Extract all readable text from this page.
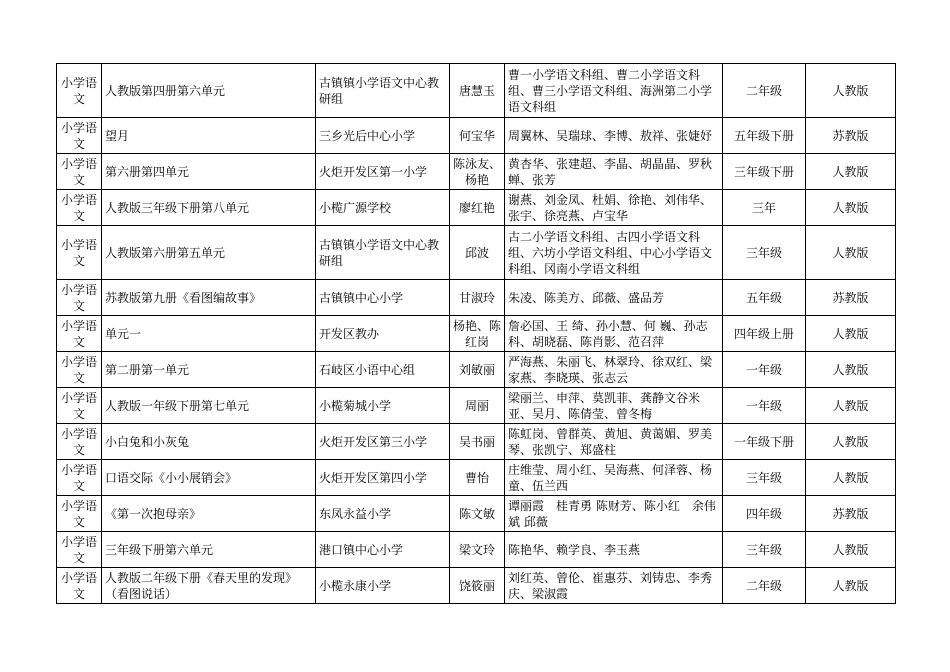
小学语文	人教版第四册第六单元	古镇镇小学语文中心教研组	唐慧玉	曹一小学语文科组、曹二小学语文科组、曹三小学语文科组、海洲第二小学语文科组	二年级	人教版
小学语文	望月	三乡光后中心小学	何宝华	周翼林、吴瑞球、李博、敖祥、张婕妤	五年级下册	苏教版
小学语文	第六册第四单元	火炬开发区第一小学	陈泳友、杨艳	黄杏华、张建超、李晶、胡晶晶、罗秋蝉、张芳	三年级下册	人教版
小学语文	人教版三年级下册第八单元	小榄广源学校	廖红艳	谢燕、刘金凤、杜娟、徐艳、刘伟华、张宇、徐亮燕、卢宝华	三年	人教版
小学语文	人教版第六册第五单元	古镇镇小学语文中心教研组	邱波	古二小学语文科组、古四小学语文科组、六坊小学语文科组、中心小学语文科组、冈南小学语文科组	三年级	人教版
小学语文	苏教版第九册《看图编故事》	古镇镇中心小学	甘淑玲	朱凌、陈美方、邱薇、盛品芳	五年级	苏教版
小学语文	单元一	开发区教办	杨艳、陈红岗	詹必国、王 绮、孙小慧、何 巍、孙志科、胡晓磊、陈肖影、范召萍	四年级上册	人教版
小学语文	第二册第一单元	石岐区小语中心组	刘敏丽	严海燕、朱丽飞、林翠玲、徐双红、梁家燕、李晓瑛、张志云	一年级	人教版
小学语文	人教版一年级下册第七单元	小榄菊城小学	周丽	梁丽兰、申萍、莫凯菲、龚静文谷米亚、吴月、陈倩莹、曾冬梅	一年级	人教版
小学语文	小白兔和小灰兔	火炬开发区第三小学	吴书丽	陈虹岗、曾群英、黄旭、黄蔼媚、罗美琴、张凯宁、郑盛柱	一年级下册	人教版
小学语文	口语交际《小小展销会》	火炬开发区第四小学	曹怡	庄维莹、周小红、吴海燕、何泽蓉、杨童、伍兰西	三年级	人教版
小学语文	《第一次抱母亲》	东凤永益小学	陈文敏	谭丽霞　桂青勇 陈财芳、陈小红　余伟斌 邱薇	四年级	苏教版
小学语文	三年级下册第六单元	港口镇中心小学	梁文玲	陈艳华、赖学良、李玉燕	三年级	人教版
小学语文	人教版二年级下册《春天里的发现》（看图说话）	小榄永康小学	饶筱丽	刘红英、曾伦、崔惠芬、刘铸忠、李秀庆、梁淑霞	二年级	人教版
